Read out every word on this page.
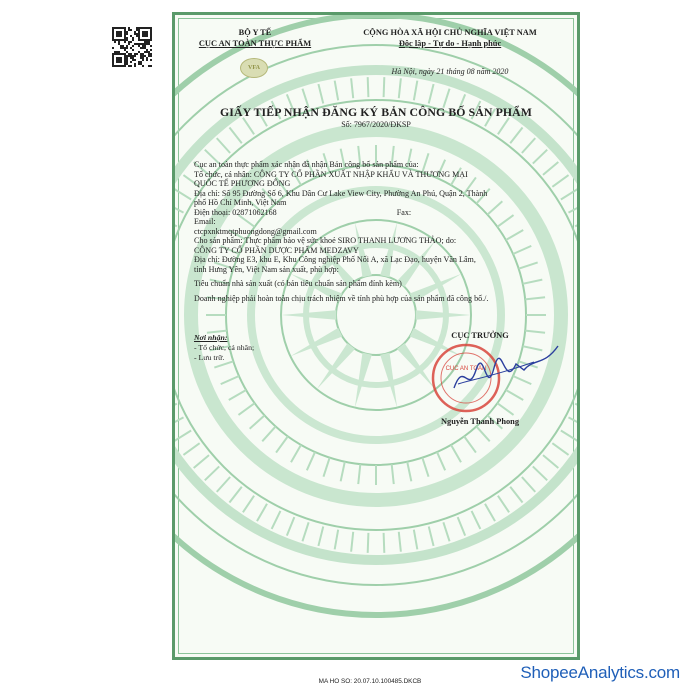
BỘ Y TẾ
CỤC AN TOÀN THỰC PHẨM
VFA
CỘNG HÒA XÃ HỘI CHỦ NGHĨA VIỆT NAM
Độc lập - Tự do - Hạnh phúc
Hà Nội, ngày 21 tháng 08 năm 2020
GIẤY TIẾP NHẬN ĐĂNG KÝ BẢN CÔNG BỐ SẢN PHẨM
Số: 7967/2020/ĐKSP

Cục an toàn thực phẩm xác nhận đã nhận Bản công bố sản phẩm của:

Tổ chức, cá nhân: CÔNG TY CỔ PHẦN XUẤT NHẬP KHẨU VÀ THƯƠNG MẠI

QUỐC TẾ PHƯƠNG ĐÔNG

Địa chỉ: Số 95 Đường Số 6, Khu Dân Cư Lake View City, Phường An Phú, Quận 2, Thành

phố Hồ Chí Minh, Việt Nam

Điện thoại: 02871062168	Fax:

Email:

ctcpxnktmqtphuongdong@gmail.com

Cho sản phẩm: Thực phẩm bảo vệ sức khoẻ SIRO THANH LƯƠNG THẢO; do:

CÔNG TY CỔ PHẦN DƯỢC PHẨM MEDZAVY

Địa chỉ: Đường E3, khu E, Khu Công nghiệp Phố Nối A, xã Lạc Đạo, huyện Văn Lâm,

tỉnh Hưng Yên, Việt Nam sản xuất, phù hợp:

Tiêu chuẩn nhà sản xuất (có bản tiêu chuẩn sản phẩm đính kèm)

Doanh nghiệp phải hoàn toàn chịu trách nhiệm về tính phù hợp của sản phẩm đã công bố./.

Nơi nhận:
- Tổ chức, cá nhân;
- Lưu trữ.
CỤC TRƯỞNG
CỤC AN TOÀN
Nguyễn Thanh Phong
MA HO SO: 20.07.10.100485.DKCB	ShopeeAnalytics.com
